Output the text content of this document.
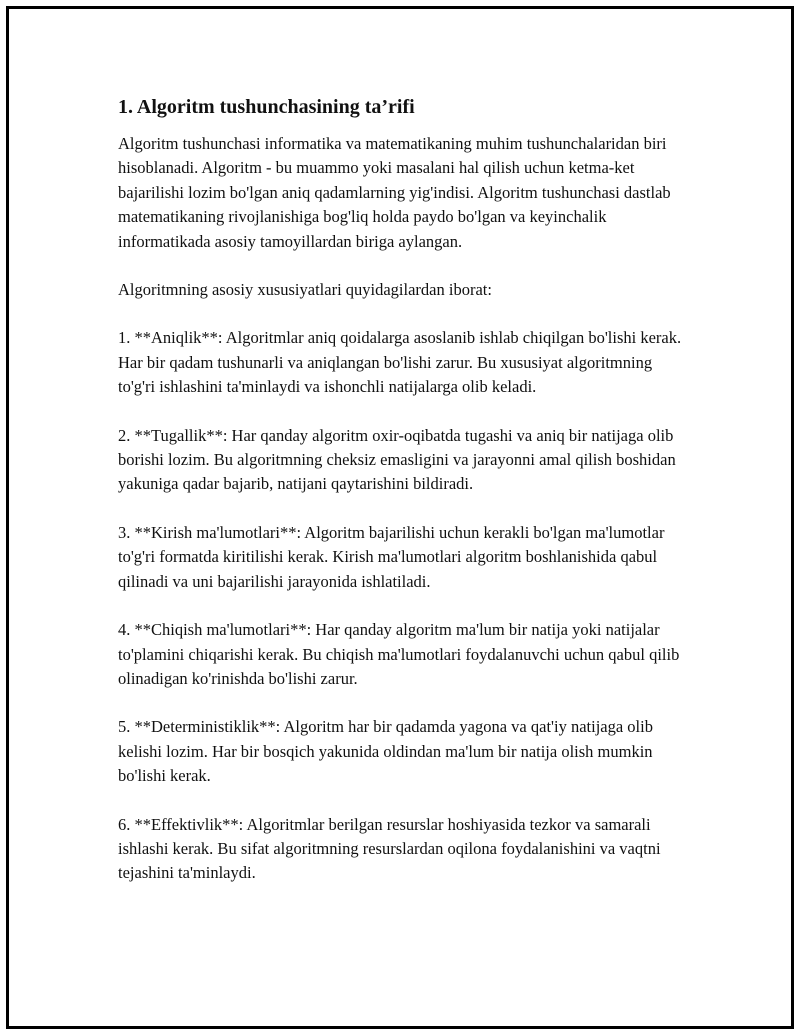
1. Algoritm tushunchasining ta’rifi

Algoritm tushunchasi informatika va matematikaning muhim tushunchalaridan biri hisoblanadi. Algoritm - bu muammo yoki masalani hal qilish uchun ketma-ket bajarilishi lozim bo'lgan aniq qadamlarning yig'indisi. Algoritm tushunchasi dastlab matematikaning rivojlanishiga bog'liq holda paydo bo'lgan va keyinchalik informatikada asosiy tamoyillardan biriga aylangan.

Algoritmning asosiy xususiyatlari quyidagilardan iborat:

1. **Aniqlik**: Algoritmlar aniq qoidalarga asoslanib ishlab chiqilgan bo'lishi kerak. Har bir qadam tushunarli va aniqlangan bo'lishi zarur. Bu xususiyat algoritmning to'g'ri ishlashini ta'minlaydi va ishonchli natijalarga olib keladi.

2. **Tugallik**: Har qanday algoritm oxir-oqibatda tugashi va aniq bir natijaga olib borishi lozim. Bu algoritmning cheksiz emasligini va jarayonni amal qilish boshidan yakuniga qadar bajarib, natijani qaytarishini bildiradi.

3. **Kirish ma'lumotlari**: Algoritm bajarilishi uchun kerakli bo'lgan ma'lumotlar to'g'ri formatda kiritilishi kerak. Kirish ma'lumotlari algoritm boshlanishida qabul qilinadi va uni bajarilishi jarayonida ishlatiladi.

4. **Chiqish ma'lumotlari**: Har qanday algoritm ma'lum bir natija yoki natijalar to'plamini chiqarishi kerak. Bu chiqish ma'lumotlari foydalanuvchi uchun qabul qilib olinadigan ko'rinishda bo'lishi zarur.

5. **Deterministiklik**: Algoritm har bir qadamda yagona va qat'iy natijaga olib kelishi lozim. Har bir bosqich yakunida oldindan ma'lum bir natija olish mumkin bo'lishi kerak.

6. **Effektivlik**: Algoritmlar berilgan resurslar hoshiyasida tezkor va samarali ishlashi kerak. Bu sifat algoritmning resurslardan oqilona foydalanishini va vaqtni tejashini ta'minlaydi.
